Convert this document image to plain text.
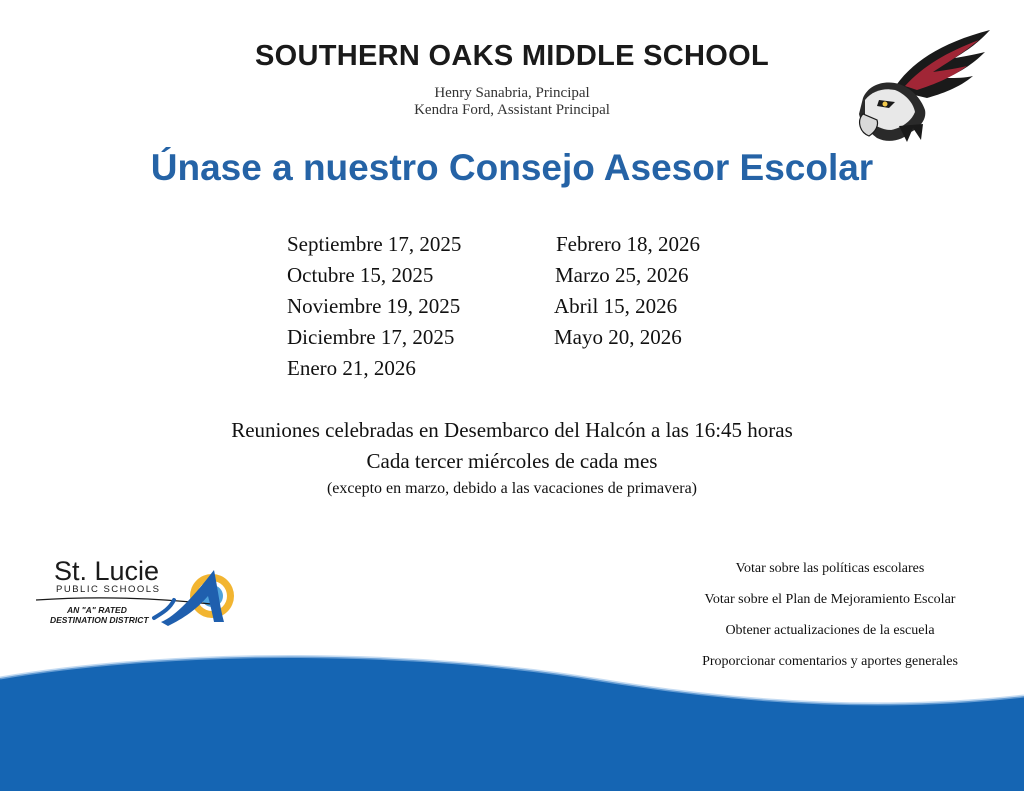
SOUTHERN OAKS MIDDLE SCHOOL
Henry Sanabria, Principal
Kendra Ford, Assistant Principal
Únase a nuestro Consejo Asesor Escolar
Septiembre 17, 2025
Octubre 15, 2025
Noviembre 19, 2025
Diciembre 17, 2025
Enero 21, 2026
Febrero 18, 2026
Marzo 25, 2026
Abril 15, 2026
Mayo 20, 2026
Reuniones celebradas en Desembarco del Halcón a las 16:45 horas
Cada tercer miércoles de cada mes
(excepto en marzo, debido a las vacaciones de primavera)
St. Lucie
PUBLIC SCHOOLS
AN "A" RATED
DESTINATION DISTRICT
Votar sobre las políticas escolares
Votar sobre el Plan de Mejoramiento Escolar
Obtener actualizaciones de la escuela
Proporcionar comentarios y aportes generales
